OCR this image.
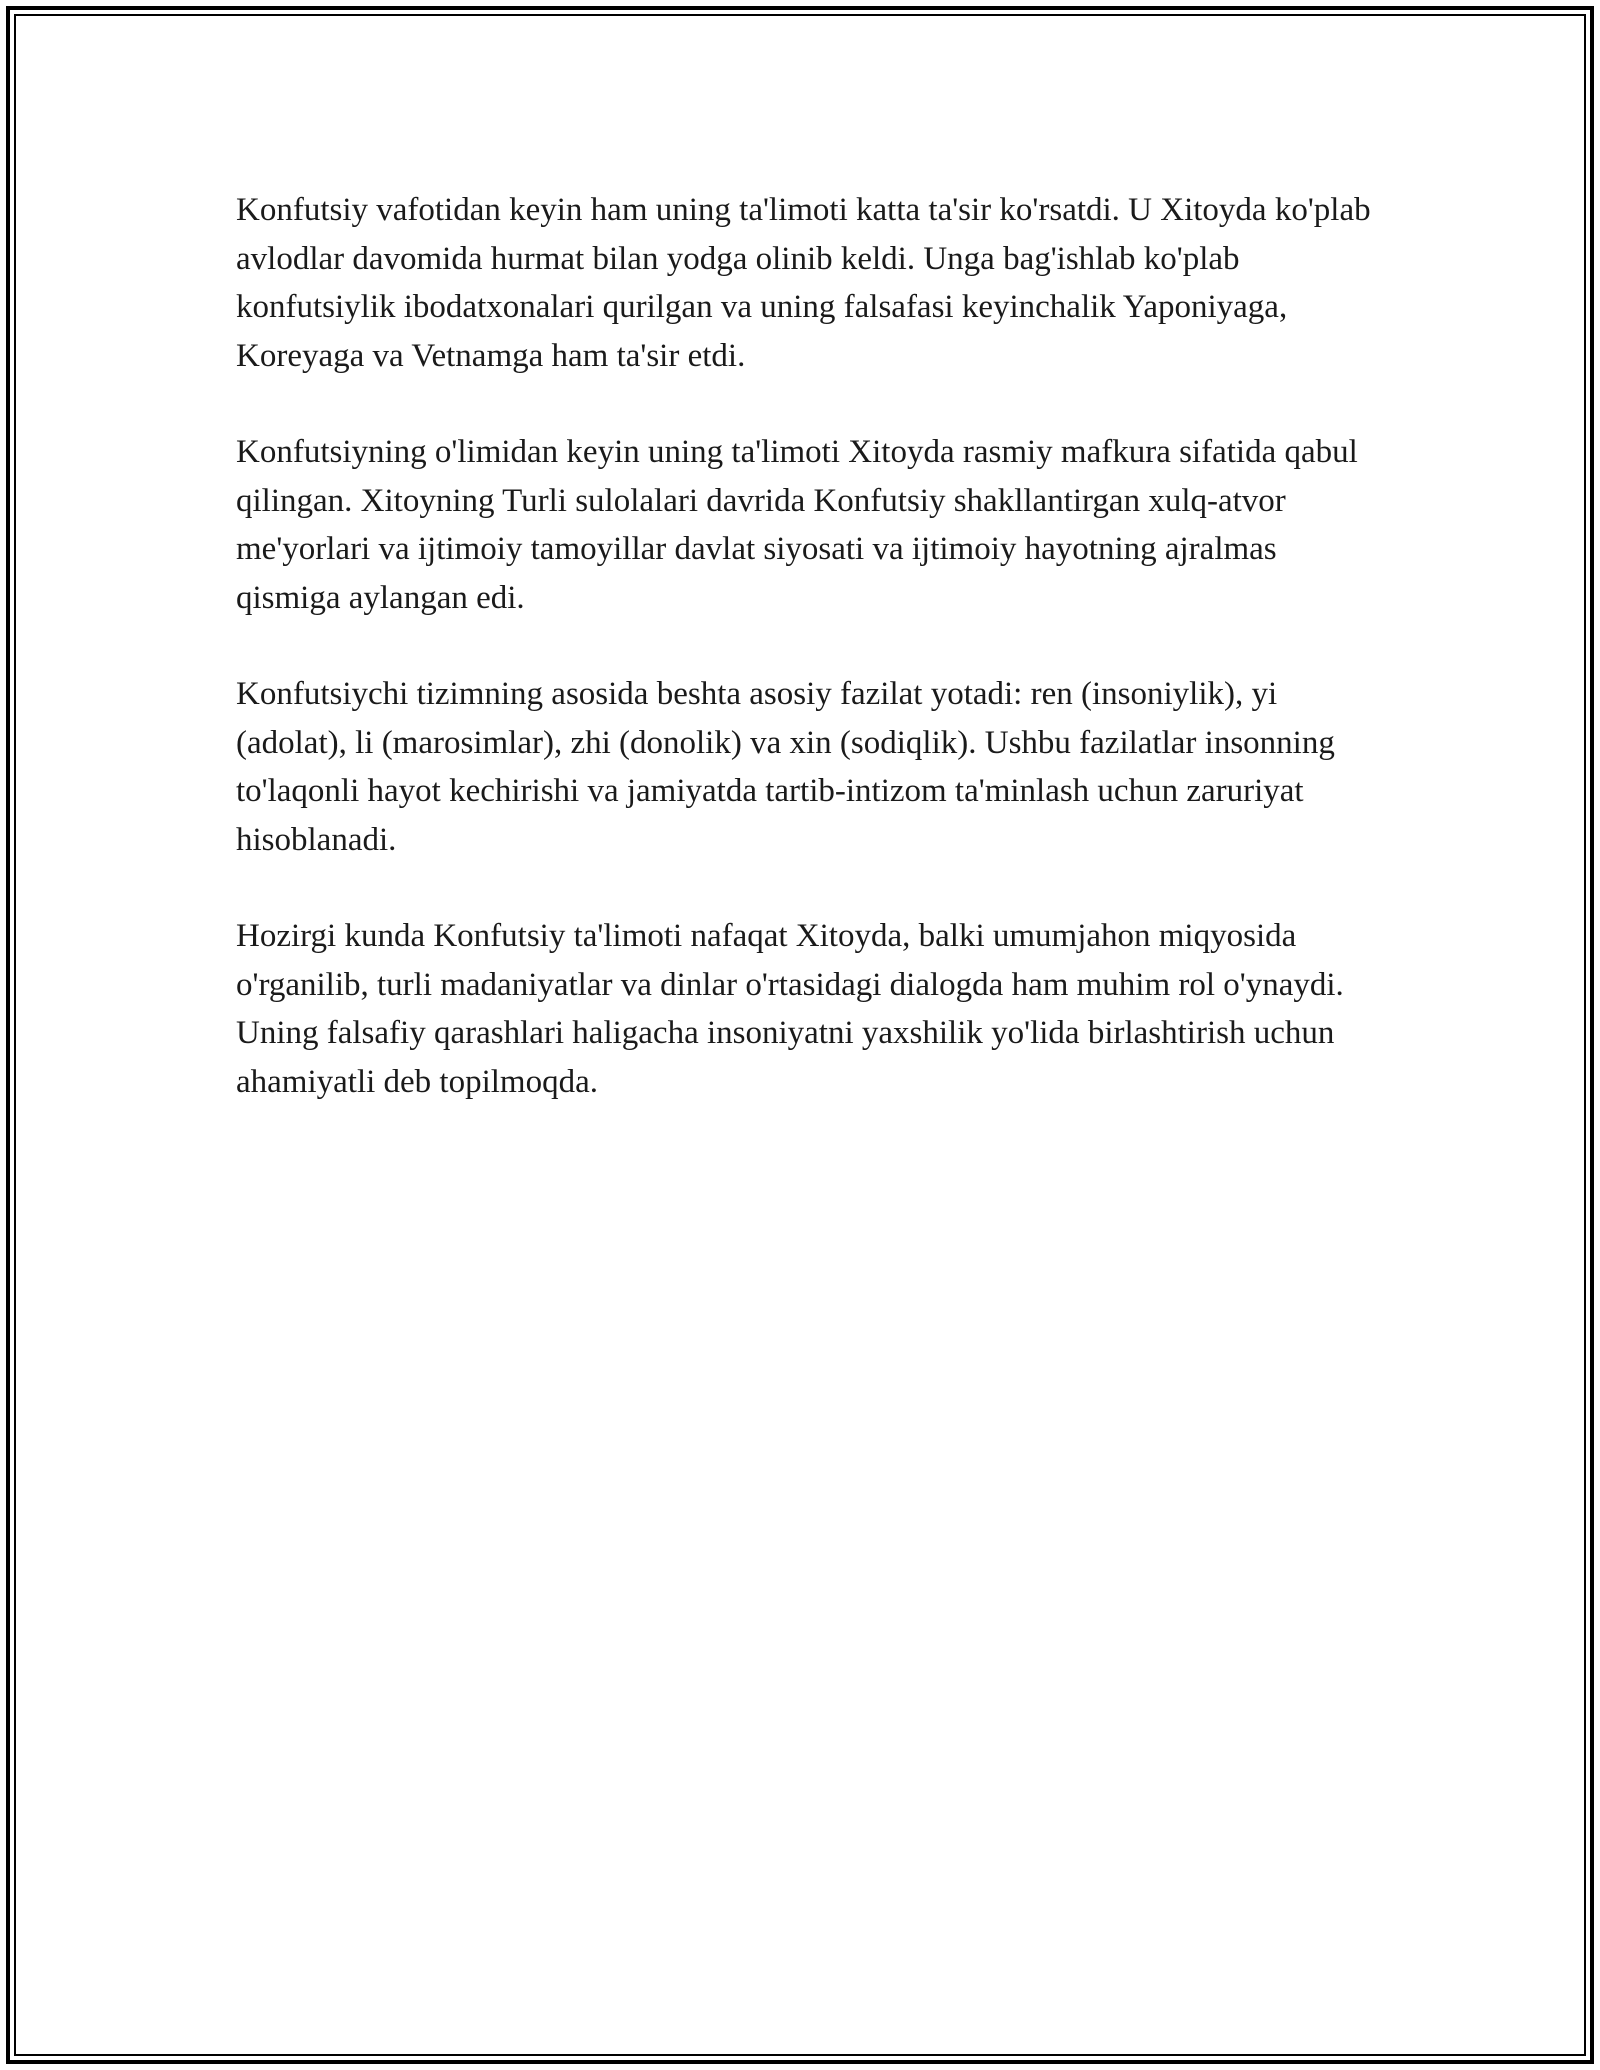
Konfutsiy vafotidan keyin ham uning ta'limoti katta ta'sir ko'rsatdi. U Xitoyda ko'plab avlodlar davomida hurmat bilan yodga olinib keldi. Unga bag'ishlab ko'plab konfutsiylik ibodatxonalari qurilgan va uning falsafasi keyinchalik Yaponiyaga, Koreyaga va Vetnamga ham ta'sir etdi.

Konfutsiyning o'limidan keyin uning ta'limoti Xitoyda rasmiy mafkura sifatida qabul qilingan. Xitoyning Turli sulolalari davrida Konfutsiy shakllantirgan xulq-atvor me'yorlari va ijtimoiy tamoyillar davlat siyosati va ijtimoiy hayotning ajralmas qismiga aylangan edi.

Konfutsiychi tizimning asosida beshta asosiy fazilat yotadi: ren (insoniylik), yi (adolat), li (marosimlar), zhi (donolik) va xin (sodiqlik). Ushbu fazilatlar insonning to'laqonli hayot kechirishi va jamiyatda tartib-intizom ta'minlash uchun zaruriyat hisoblanadi.

Hozirgi kunda Konfutsiy ta'limoti nafaqat Xitoyda, balki umumjahon miqyosida o'rganilib, turli madaniyatlar va dinlar o'rtasidagi dialogda ham muhim rol o'ynaydi. Uning falsafiy qarashlari haligacha insoniyatni yaxshilik yo'lida birlashtirish uchun ahamiyatli deb topilmoqda.
